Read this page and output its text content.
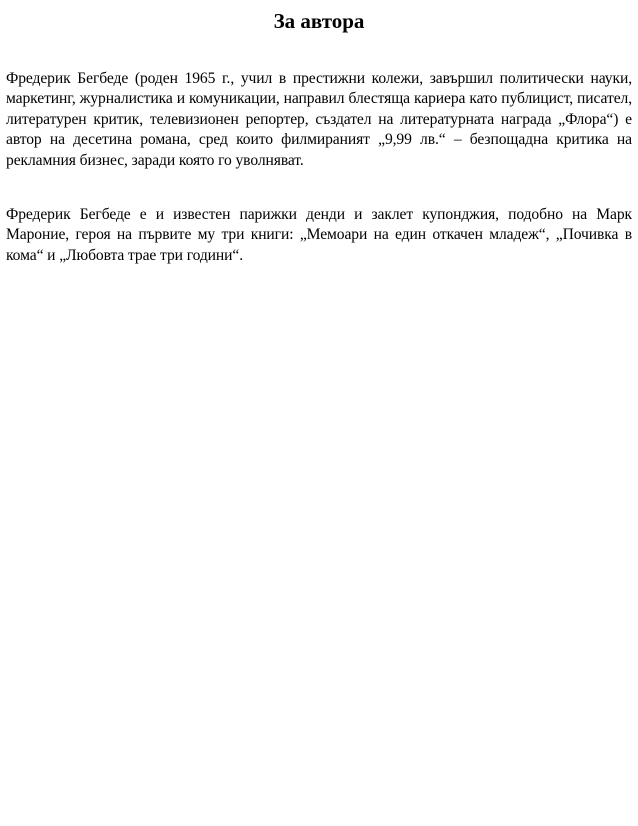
За автора

Фредерик Бегбеде (роден 1965 г., учил в престижни колежи, завършил политически науки, маркетинг, журналистика и комуникации, направил блестяща кариера като публицист, писател, литературен критик, телевизионен репортер, създател на литературната награда „Флора“) е автор на десетина романа, сред които филмираният „9,99 лв.“ – безпощадна критика на рекламния бизнес, заради която го уволняват.

Фредерик Бегбеде е и известен парижки денди и заклет купонджия, подобно на Марк Мароние, героя на първите му три книги: „Мемоари на един откачен младеж“, „Почивка в кома“ и „Любовта трае три години“.
